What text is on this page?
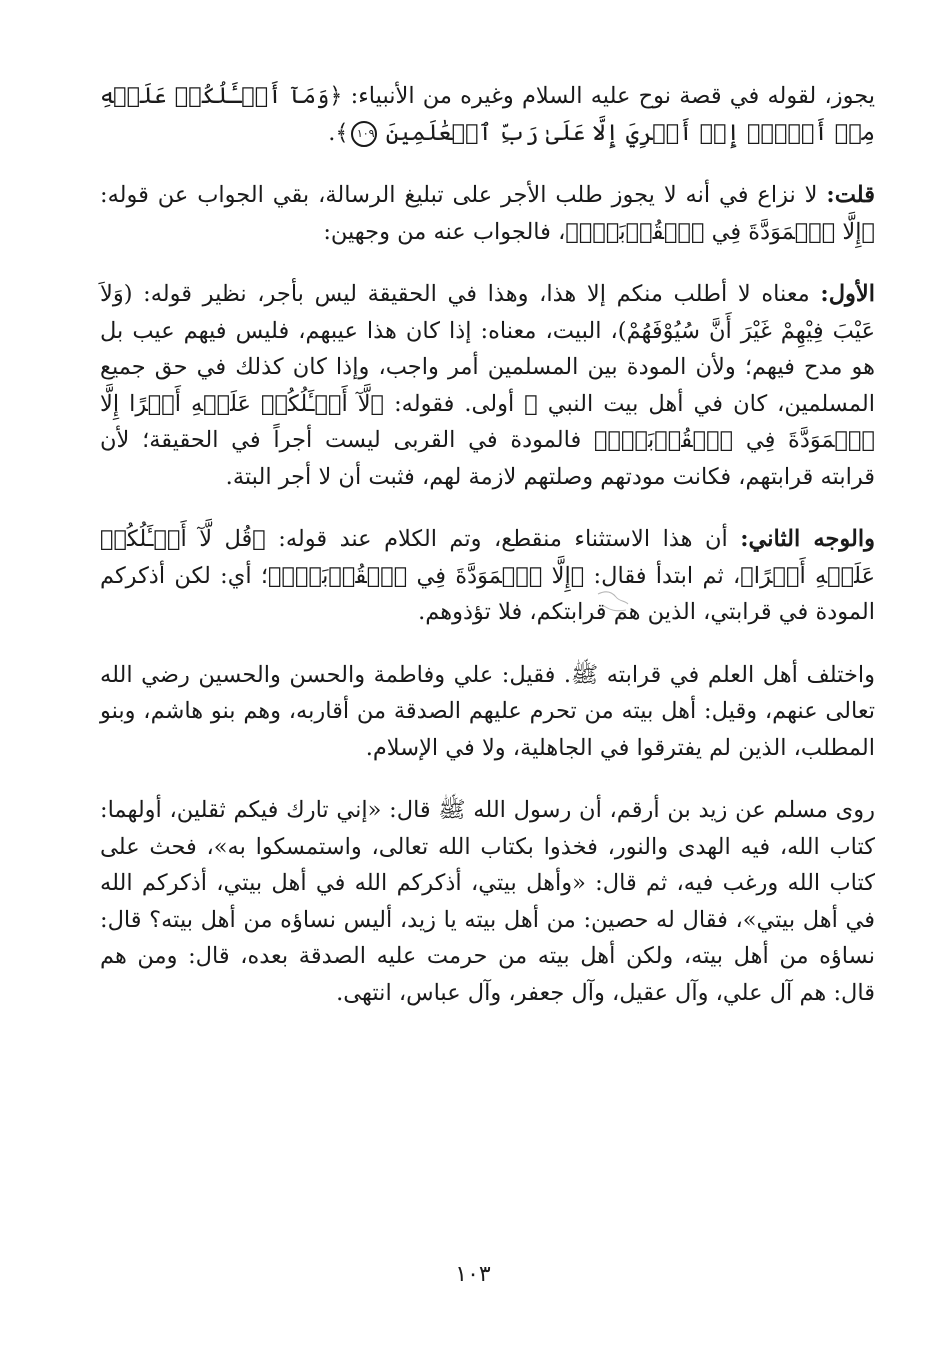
يجوز، لقوله في قصة نوح عليه السلام وغيره من الأنبياء: ﴿وَمَآ أَسۡـَٔلُكُمۡ عَلَيۡهِ مِنۡ أَجۡرٍۖ إِنۡ أَجۡرِيَ إِلَّا عَلَىٰ رَبِّ ٱلۡعَٰلَمِينَ ١٠٩﴾.

قلت: لا نزاع في أنه لا يجوز طلب الأجر على تبليغ الرسالة، بقي الجواب عن قوله: ﴿إِلَّا ٱلۡمَوَدَّةَ فِي ٱلۡقُرۡبَىٰۗ﴾، فالجواب عنه من وجهين:

الأول: معناه لا أطلب منكم إلا هذا، وهذا في الحقيقة ليس بأجر، نظير قوله: (وَلاَ عَيْبَ فِيْهِمْ غَيْرَ أَنَّ سُيُوْفَهُمْ)، البيت، معناه: إذا كان هذا عيبهم، فليس فيهم عيب بل هو مدح فيهم؛ ولأن المودة بين المسلمين أمر واجب، وإذا كان كذلك في حق جميع المسلمين، كان في أهل بيت النبي ﷺ أولى. فقوله: ﴿لَّآ أَسۡـَٔلُكُمۡ عَلَيۡهِ أَجۡرًا إِلَّا ٱلۡمَوَدَّةَ فِي ٱلۡقُرۡبَىٰۗ﴾ فالمودة في القربى ليست أجراً في الحقيقة؛ لأن قرابته قرابتهم، فكانت مودتهم وصلتهم لازمة لهم، فثبت أن لا أجر البتة.

والوجه الثاني: أن هذا الاستثناء منقطع، وتم الكلام عند قوله: ﴿قُل لَّآ أَسۡـَٔلُكُمۡ عَلَيۡهِ أَجۡرًا﴾، ثم ابتدأ فقال: ﴿إِلَّا ٱلۡمَوَدَّةَ فِي ٱلۡقُرۡبَىٰۗ﴾؛ أي: لكن أذكركم المودة في قرابتي، الذين هم قرابتكم، فلا تؤذوهم.

واختلف أهل العلم في قرابته ﷺ. فقيل: علي وفاطمة والحسن والحسين رضي الله تعالى عنهم، وقيل: أهل بيته من تحرم عليهم الصدقة من أقاربه، وهم بنو هاشم، وبنو المطلب، الذين لم يفترقوا في الجاهلية، ولا في الإسلام.

روى مسلم عن زيد بن أرقم، أن رسول الله ﷺ قال: «إني تارك فيكم ثقلين، أولهما: كتاب الله، فيه الهدى والنور، فخذوا بكتاب الله تعالى، واستمسكوا به»، فحث على كتاب الله ورغب فيه، ثم قال: «وأهل بيتي، أذكركم الله في أهل بيتي، أذكركم الله في أهل بيتي»، فقال له حصين: من أهل بيته يا زيد، أليس نساؤه من أهل بيته؟ قال: نساؤه من أهل بيته، ولكن أهل بيته من حرمت عليه الصدقة بعده، قال: ومن هم قال: هم آل علي، وآل عقيل، وآل جعفر، وآل عباس، انتهى.

١٠٣
